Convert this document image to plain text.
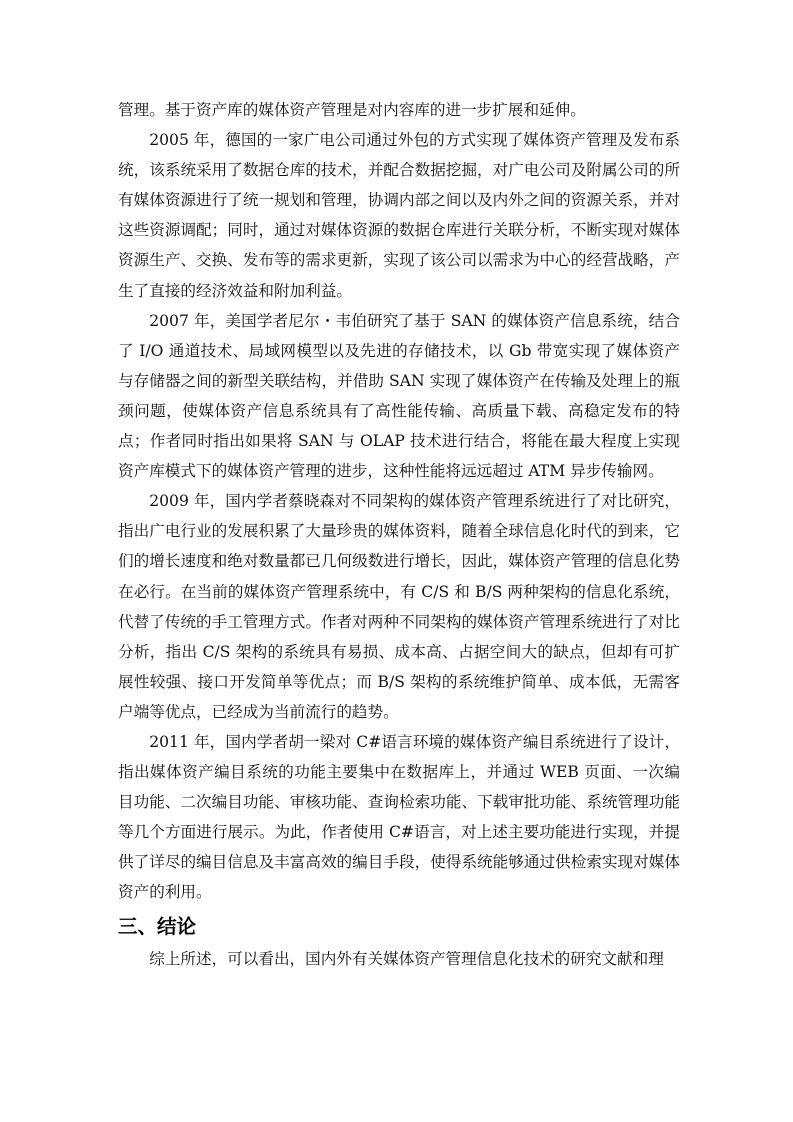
管理。基于资产库的媒体资产管理是对内容库的进一步扩展和延伸。

2005 年，德国的一家广电公司通过外包的方式实现了媒体资产管理及发布系统，该系统采用了数据仓库的技术，并配合数据挖掘，对广电公司及附属公司的所有媒体资源进行了统一规划和管理，协调内部之间以及内外之间的资源关系，并对这些资源调配；同时，通过对媒体资源的数据仓库进行关联分析，不断实现对媒体资源生产、交换、发布等的需求更新，实现了该公司以需求为中心的经营战略，产生了直接的经济效益和附加利益。

2007 年，美国学者尼尔・韦伯研究了基于 SAN 的媒体资产信息系统，结合了 I/O 通道技术、局域网模型以及先进的存储技术，以 Gb 带宽实现了媒体资产与存储器之间的新型关联结构，并借助 SAN 实现了媒体资产在传输及处理上的瓶颈问题，使媒体资产信息系统具有了高性能传输、高质量下载、高稳定发布的特点；作者同时指出如果将 SAN 与 OLAP 技术进行结合，将能在最大程度上实现资产库模式下的媒体资产管理的进步，这种性能将远远超过 ATM 异步传输网。

2009 年，国内学者蔡晓森对不同架构的媒体资产管理系统进行了对比研究，指出广电行业的发展积累了大量珍贵的媒体资料，随着全球信息化时代的到来，它们的增长速度和绝对数量都已几何级数进行增长，因此，媒体资产管理的信息化势在必行。在当前的媒体资产管理系统中，有 C/S 和 B/S 两种架构的信息化系统，代替了传统的手工管理方式。作者对两种不同架构的媒体资产管理系统进行了对比分析，指出 C/S 架构的系统具有易损、成本高、占据空间大的缺点，但却有可扩展性较强、接口开发简单等优点；而 B/S 架构的系统维护简单、成本低，无需客户端等优点，已经成为当前流行的趋势。

2011 年，国内学者胡一梁对 C#语言环境的媒体资产编目系统进行了设计，指出媒体资产编目系统的功能主要集中在数据库上，并通过 WEB 页面、一次编目功能、二次编目功能、审核功能、查询检索功能、下载审批功能、系统管理功能等几个方面进行展示。为此，作者使用 C#语言，对上述主要功能进行实现，并提供了详尽的编目信息及丰富高效的编目手段，使得系统能够通过供检索实现对媒体资产的利用。

三、结论

综上所述，可以看出，国内外有关媒体资产管理信息化技术的研究文献和理
